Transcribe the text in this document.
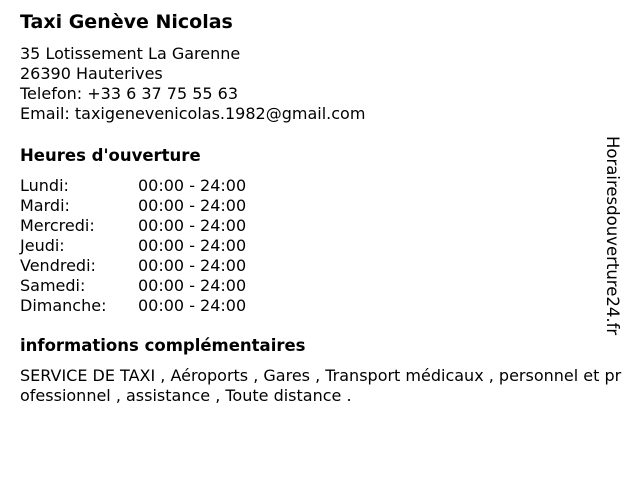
Taxi Genève Nicolas
35 Lotissement La Garenne
26390 Hauterives
Telefon: +33 6 37 75 55 63
Email: taxigenevenicolas.1982@gmail.com
Heures d'ouverture
Lundi:	00:00 - 24:00
Mardi:	00:00 - 24:00
Mercredi:	00:00 - 24:00
Jeudi:	00:00 - 24:00
Vendredi:	00:00 - 24:00
Samedi:	00:00 - 24:00
Dimanche:	00:00 - 24:00
informations complémentaires
SERVICE DE TAXI , Aéroports , Gares , Transport médicaux , personnel et professionnel , assistance , Toute distance .
Horairesdouverture24.fr
